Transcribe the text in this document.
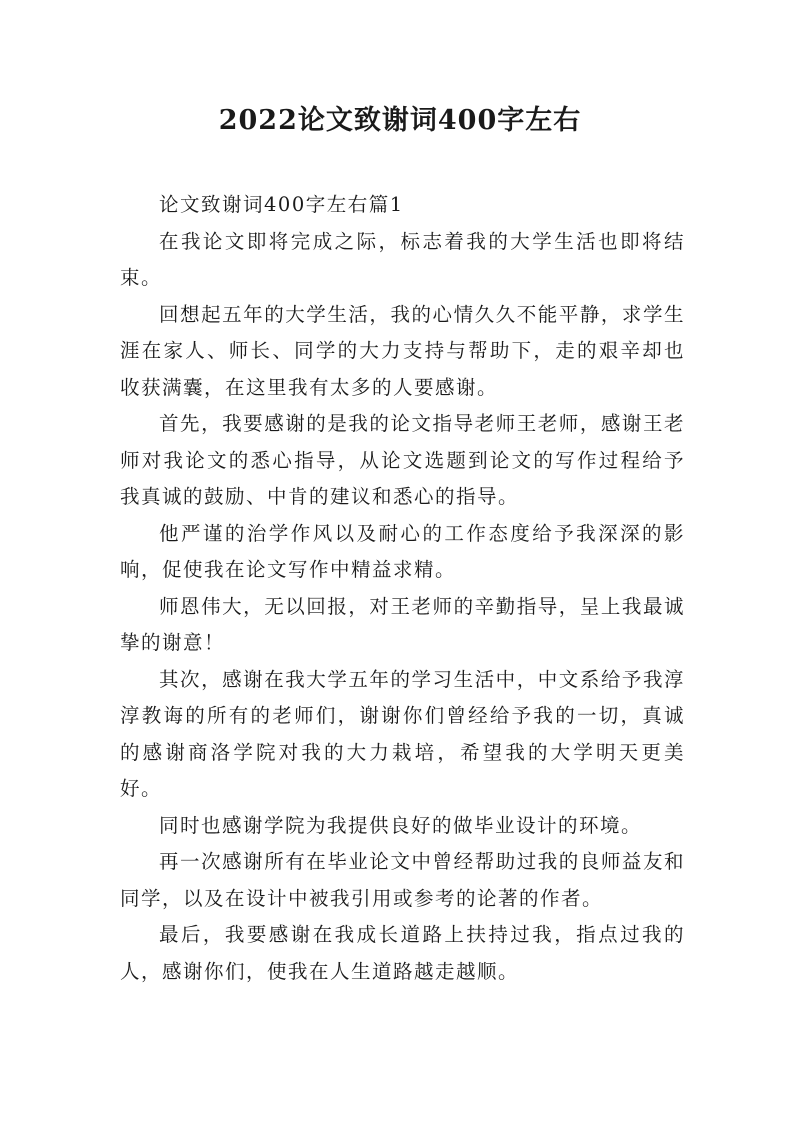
2022论文致谢词400字左右

论文致谢词400字左右篇1

在我论文即将完成之际，标志着我的大学生活也即将结束。

回想起五年的大学生活，我的心情久久不能平静，求学生涯在家人、师长、同学的大力支持与帮助下，走的艰辛却也收获满囊，在这里我有太多的人要感谢。

首先，我要感谢的是我的论文指导老师王老师，感谢王老师对我论文的悉心指导，从论文选题到论文的写作过程给予我真诚的鼓励、中肯的建议和悉心的指导。

他严谨的治学作风以及耐心的工作态度给予我深深的影响，促使我在论文写作中精益求精。

师恩伟大，无以回报，对王老师的辛勤指导，呈上我最诚挚的谢意！

其次，感谢在我大学五年的学习生活中，中文系给予我淳淳教诲的所有的老师们，谢谢你们曾经给予我的一切，真诚的感谢商洛学院对我的大力栽培，希望我的大学明天更美好。

同时也感谢学院为我提供良好的做毕业设计的环境。

再一次感谢所有在毕业论文中曾经帮助过我的良师益友和同学，以及在设计中被我引用或参考的论著的作者。

最后，我要感谢在我成长道路上扶持过我，指点过我的人，感谢你们，使我在人生道路越走越顺。
